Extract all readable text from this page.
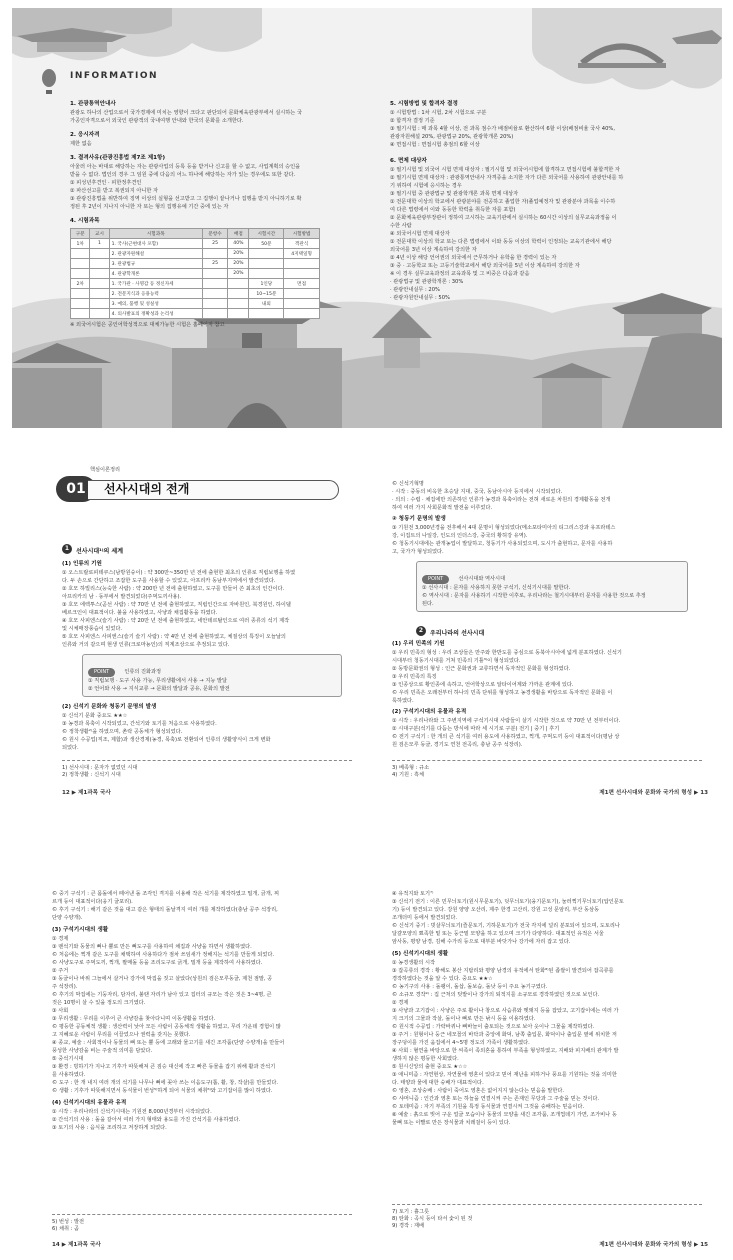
INFORMATION
1. 관광통역안내사
관광도 하나의 산업으로서 국가경제에 미치는 영향이 크다고 판단되어 문화체육관광부에서 실시하는 국
가공인자격으로서 외국인 관광객의 국내여행 안내와 한국의 문화를 소개한다.
2. 응시자격
제한 없음
3. 결격사유(관광진흥법 제7조 제1항)
아울러 아는 바대로 해당하는 자는 관광사업의 등록 등을 받거나 신고를 할 수 없고, 사업계획의 승인을
받을 수 없다. 법인의 경우 그 임원 중에 다음의 어느 하나에 해당하는 자가 있는 경우에도 또한 같다.
① 피성년후견인 · 피한정후견인
② 파산선고를 받고 복권되지 아니한 자
③ 관광진흥법을 위반하여 징역 이상의 실형을 선고받고 그 집행이 끝나거나 집행을 받지 아니하기로 확
정된 후 2년이 지나지 아니한 자 또는 형의 집행유예 기간 중에 있는 자
4. 시험과목
구분	교시	시험과목	문항수	배점	시험시간	시험방법
1차	1	1. 국사(근현대사 포함)	25	40%	50분	객관식
		2. 관광자원해설		20%		4지택일형
		3. 관광법규	25	20%		
		4. 관광학개론		20%		
2차		1. 국가관 · 사명감 등 정신자세			1인당	면접
		2. 전문지식과 응용능력			10~15분	
		3. 예의, 품행 및 성실성			내외	
		4. 의사발표의 정확성과 논리성				
※ 외국어시험은 공인어학성적으로 대체가능한 시험은 홈페이지 참고
5. 시험방법 및 합격자 결정
① 시험방법 : 1차 시험, 2차 시험으로 구분
② 합격자 결정 기준
③ 필기시험 : 매 과목 4할 이상, 전 과목 점수가 배점비율로 환산하여 6할 이상(배점비율 국사 40%,
관광자원해설 20%, 관광법규 20%, 관광학개론 20%)
④ 면접시험 : 면접시험 총점의 6할 이상
6. 면제 대상자
① 필기시험 및 외국어 시험 면제 대상자 : 필기시험 및 외국어시험에 합격하고 면접시험에 불합격한 자
② 필기시험 면제 대상자 : 관광통역안내사 자격증을 소지한 자가 다른 외국어를 사용하여 관광안내를 하
기 위하여 시험에 응시하는 경우
③ 필기시험 중 관광법규 및 관광학개론 과목 면제 대상자
① 전문대학 이상의 학교에서 관광분야를 전공하고 졸업한 자(졸업예정자 및 관광분야 과목을 이수하
여 다른 법령에서 이와 동등한 학력을 취득한 자를 포함)
② 문화체육관광부장관이 정하여 고시하는 교육기관에서 실시하는 60시간 이상의 실무교육과정을 이
수한 사람
④ 외국어시험 면제 대상자
① 전문대학 이상의 학교 또는 다른 법령에서 이와 동등 이상의 학력이 인정되는 교육기관에서 해당
외국어를 3년 이상 계속하여 강의한 자
② 4년 이상 해당 언어권의 외국에서 근무하거나 유학을 한 경력이 있는 자
③ 중 · 고등학교 또는 고등기술학교에서 해당 외국어를 5년 이상 계속하여 강의한 자
※ 이 경우 실무교육과정의 교육과목 및 그 비중은 다음과 같음
· 관광법규 및 관광학개론 : 30%
· 관광안내실무 : 20%
· 관광자원안내실무 : 50%
핵심이론정리
01	선사시대의 전개
1 선사시대¹⁾의 세계
(1) 인류의 기원
① 오스트랄로피테쿠스(남방원숭이) : 약 300만~350만 년 전에 출현한 최초의 인류로 직립보행을 하였
다. 두 손으로 간단하고 조잡한 도구를 사용할 수 있었고, 아프리카 동남부지역에서 발견되었다.
② 호모 하빌리스(능숙한 사람) : 약 200만 년 전에 출현하였고, 도구를 만들어 쓴 최초의 인간이다.
아프리카의 남 · 동부에서 발견되었다(주먹도끼사용).
③ 호모 에렉투스(곧선 사람) : 약 70만 년 전에 출현하였고, 직립인간으로 자바원인, 북경원인, 하이델
베르크인이 대표적이다. 불을 사용하였고, 사냥과 채집활동을 하였다.
④ 호모 사피엔스(슬기 사람) : 약 20만 년 전에 출현하였고, 네안데르탈인으로 여러 종류의 석기 제작
및 시체매장풍습이 있었다.
⑤ 호모 사피엔스 사피엔스(슬기 슬기 사람) : 약 4만 년 전에 출현하였고, 체질상의 특징이 오늘날의
인류와 거의 같으며 현생 인류(크로마뇽인)의 직계조상으로 추정되고 있다.
POINT	인류의 진화과정
① 직립보행 · 도구 사용 가능, 무리생활에서 사용 → 지능 발달
② 언어와 사용 → 지식교류 → 문화의 발달과 공유, 문화의 발전
(2) 신석기 문화와 청동기 문명의 발생
① 신석기 문화 중요도 ★★☆
③ 농경과 목축이 시작되었고, 간석기와 토기를 처음으로 사용하였다.
© 정착생활²⁾을 하였으며, 촌락 공동체가 형성되었다.
© 원시 수공업(직조, 제합)과 생산경제(농경, 목축)로 전환되어 인류의 생활양식이 크게 변화
되었다.
1) 선사시대 : 문자가 없었던 시대
2) 정착생활 : 신석기 시대
12 ▶ 제1과목 국사
© 신석기혁명
· 시작 : 중동의 비옥한 초승달 지대, 중국, 동남아시아 등지에서 시작되었다.
· 의의 : 수렵 · 채집에만 의존하던 인류가 농경과 목축이라는 전혀 새로운 차원의 경제활동을 전개
하여 여러 가지 사회문화적 발전을 이루었다.
② 청동기 문명의 발생
③ 기원전 3,000년경을 전후해서 4대 문명이 형성되었다(메소포타미아의 티그리스강과 유프라테스
강, 이집트의 나일강, 인도의 인더스강, 중국의 황허강 유역).
© 청동기시대에는 관개농업이 발달하고, 청동기가 사용되었으며, 도시가 출현하고, 문자를 사용하
고, 국가가 형성되었다.
POINT	선사시대와 역사시대
① 선사시대 : 문자를 사용하지 못한 구석기, 신석기시대를 말한다.
© 역사시대 : 문자를 사용하기 시작한 이후로, 우리나라는 철기시대부터 문자를 사용한 것으로 추정
된다.
2 우리나라의 선사시대
(1) 우리 민족의 기원
① 우리 민족의 형성 : 우리 조상들은 만주와 한반도를 중심으로 동북아시아에 넓게 분포하였다. 신석기
시대부터 청동기시대를 거쳐 민족의 기틀³⁾이 형성되었다.
② 동방문화권의 형성 : 인근 문화권과 교류하면서 독자적인 문화를 형성하였다.
③ 우리 민족의 특징
③ 인종상으로 황인종에 속하고, 언어학상으로 알타이어계와 가까운 관계에 있다.
© 우리 민족은 오래전부터 하나의 민족 단위를 형성하고 농경생활을 바탕으로 독자적인 문화를 이
룩하였다.
(2) 구석기시대의 유물과 유적
① 시작 : 우리나라와 그 주변지역에 구석기시대 사람들이 살기 시작한 것으로 약 70만 년 전부터이다.
② 시대구분(석기를 다듬는 방식에 따라 세 시기로 구분) 전기 | 중기 | 후기
© 전기 구석기 : 한 개의 큰 석기를 여러 용도에 사용하였고, 찍개, 주먹도끼 등이 대표적이다(평남 상
원 검은모루 동굴, 경기도 연천 전곡리, 충남 공주 석장리).
3) 베족형 : 규소
4) 기원 : 흑체
제1편 선사시대와 문화와 국가의 형성 ▶ 13
© 중기 구석기 : 큰 몸돌에서 떼어낸 돌 조각인 격지를 이용해 작은 석기를 제작하였고 밀개, 긁개, 찌
르개 등이 대표적이다(웅기 굴포리).
© 후기 구석기 : 해기 같은 것을 대고 같은 형태의 돌날격지 여러 개를 제작하였다(충남 공주 석장리,
단양 수양개).
(3) 구석기시대의 생활
① 경제
③ 뗀석기와 동물의 뼈나 뿔로 만든 뼈도구를 사용하여 채집과 사냥을 하면서 생활하였다.
© 처음에는 찍개 같은 도구를 채택하여 사용하다가 점차 쓰임새가 정해지는 석기를 만들게 되었다.
© 사냥도구로 주먹도끼, 찍개, 팔매돌 등을 조리도구로 긁개, 밀개 등을 제작하여 사용하였다.
② 주거
③ 동굴이나 바위 그늘에서 살거나 강가에 막집을 짓고 살았다(상원의 검은모루동굴, 제천 점말, 공
주 석장리).
© 후기의 막집에는 기둥자리, 담자리, 불땐 자리가 남아 있고 집터의 규모는 작은 것은 3~4명, 큰
것은 10명이 살 수 있을 정도의 크기였다.
③ 사회
③ 무리생활 : 무리를 이루어 큰 사냥감을 찾아다니며 이동생활을 하였다.
© 평등한 공동체적 생활 : 생산력이 낮아 모든 사람이 공동체적 생활을 하였고, 무리 가운데 경험이 많
고 지혜로운 사람이 무리를 이끌었으나 권력을 갖지는 못했다.
④ 종교, 예술 : 사회적이나 동물의 뼈 또는 뿔 등에 고래와 물고기를 새긴 조각품(단양 수양개)을 만들어
풍성한 사냥감을 비는 주술적 의미를 담았다.
⑤ 중석기시대
③ 환경 : 빙하기가 지나고 기후가 따뜻해져 큰 짐승 대신에 작고 빠른 동물을 잡기 위해 활과 잔석기
를 사용하였다.
© 도구 : 한 개 내지 여러 개의 석기를 나무나 뼈에 꽂아 쓰는 이음도구(톱, 활, 창, 작살)를 만들었다.
© 생활 : 기후가 따뜻해지면서 동식물이 번성⁵⁾하게 되어 식물의 채취⁶⁾와 고기잡이를 많이 하였다.
(4) 신석기시대의 유물과 유적
① 시작 : 우리나라의 신석기시대는 기원전 8,000년경부터 시작되었다.
② 간석기의 사용 : 돌을 갈아서 여러 가지 형태와 용도를 가진 간석기를 사용하였다.
③ 토기의 사용 : 음식을 조리하고 저장하게 되었다.
5) 번성 : 발전
6) 채취 : 곰
14 ▶ 제1과목 국사
④ 유적지와 토기⁷⁾
③ 신석기 전기 : 이른 민무늬토기(원시무문토기), 덧무늬토기(융기문토기), 눌러찍기무늬토기(압인문토
기) 등이 발견되고 있다. 강원 양양 오산리, 제주 한경 고산리, 강원 고성 문암리, 부산 동삼동
조개더미 등에서 발견되었다.
© 신석기 중기 : 빗살무늬토기(즐문토기, 기하문토기)가 전국 각지에 널리 분포되어 있으며, 도토리나
달걀모양의 뾰족한 밑 또는 둥근밑 모양을 하고 있으며 크기가 다양하다. 대표적인 유적은 서울
암사동, 평양 남경, 김해 수가리 등으로 대부분 바닷가나 강가에 자리 잡고 있다.
(5) 신석기시대의 생활
① 농경생활의 시작
③ 잡곡류의 경작 : 황해도 봉산 지탑리와 평양 남경의 유적에서 탄화⁸⁾된 좁쌀이 발견되어 잡곡류를
경작하였다는 것을 알 수 있다. 중요도 ★★☆
© 농기구의 사용 : 돌괭이, 돌삽, 돌보습, 돌낫 등이 주요 농기구였다.
© 소규모 경작⁹⁾ : 집 근처의 텃밭이나 강가의 퇴적지를 소규모로 경작하였던 것으로 보인다.
② 경제
③ 사냥과 고기잡이 : 사냥은 주로 활이나 창으로 사슴류와 멧돼지 등을 잡았고, 고기잡이에는 여러 가
지 크기의 그물과 작살, 돌이나 뼈로 만든 낚시 등을 이용하였다.
© 원시적 수공업 : 가락바퀴나 뼈바늘이 출토되는 것으로 보아 옷이나 그물을 제작하였다.
③ 주거 : 원형이나 둥근 네모꼴의 바닥과 중앙에 화덕, 남쪽 출입문, 화덕이나 출입문 옆에 위치한 저
장구덩이를 가진 움집에서 4~5명 정도의 가족이 생활하였다.
④ 사회 : 혈연을 바탕으로 한 씨족이 족외혼을 통하여 부족을 형성하였고, 지배와 피지배의 관계가 발
생하지 않은 평등한 사회였다.
⑤ 원시신앙의 출현 중요도 ★☆☆
③ 애니미즘 : 자연현상, 자연물에 영혼이 있다고 믿어 재난을 피하거나 풍요를 기원하는 것을 의미한
다. 태양과 물에 대한 숭배가 대표적이다.
© 영혼, 조상숭배 : 사람이 죽어도 영혼은 없어지지 않는다는 믿음을 말한다.
© 샤머니즘 : 인간과 영혼 또는 하늘을 연결시켜 주는 존재인 무당과 그 주술을 믿는 것이다.
© 토테미즘 : 자기 부족의 기원을 특정 동식물과 연결시켜 그것을 숭배하는 믿음이다.
⑥ 예술 : 흙으로 빚어 구운 얼굴 모습이나 동물의 모양을 새긴 조각품, 조개껍데기 가면, 조가비나 동
물뼈 또는 이빨로 만든 장식물과 치레걸이 등이 있다.
7) 토기 : 흙그릇
8) 탄화 : 곡식 등이 타서 숯이 된 것
9) 경작 : 재배
제1편 선사시대와 문화와 국가의 형성 ▶ 15
